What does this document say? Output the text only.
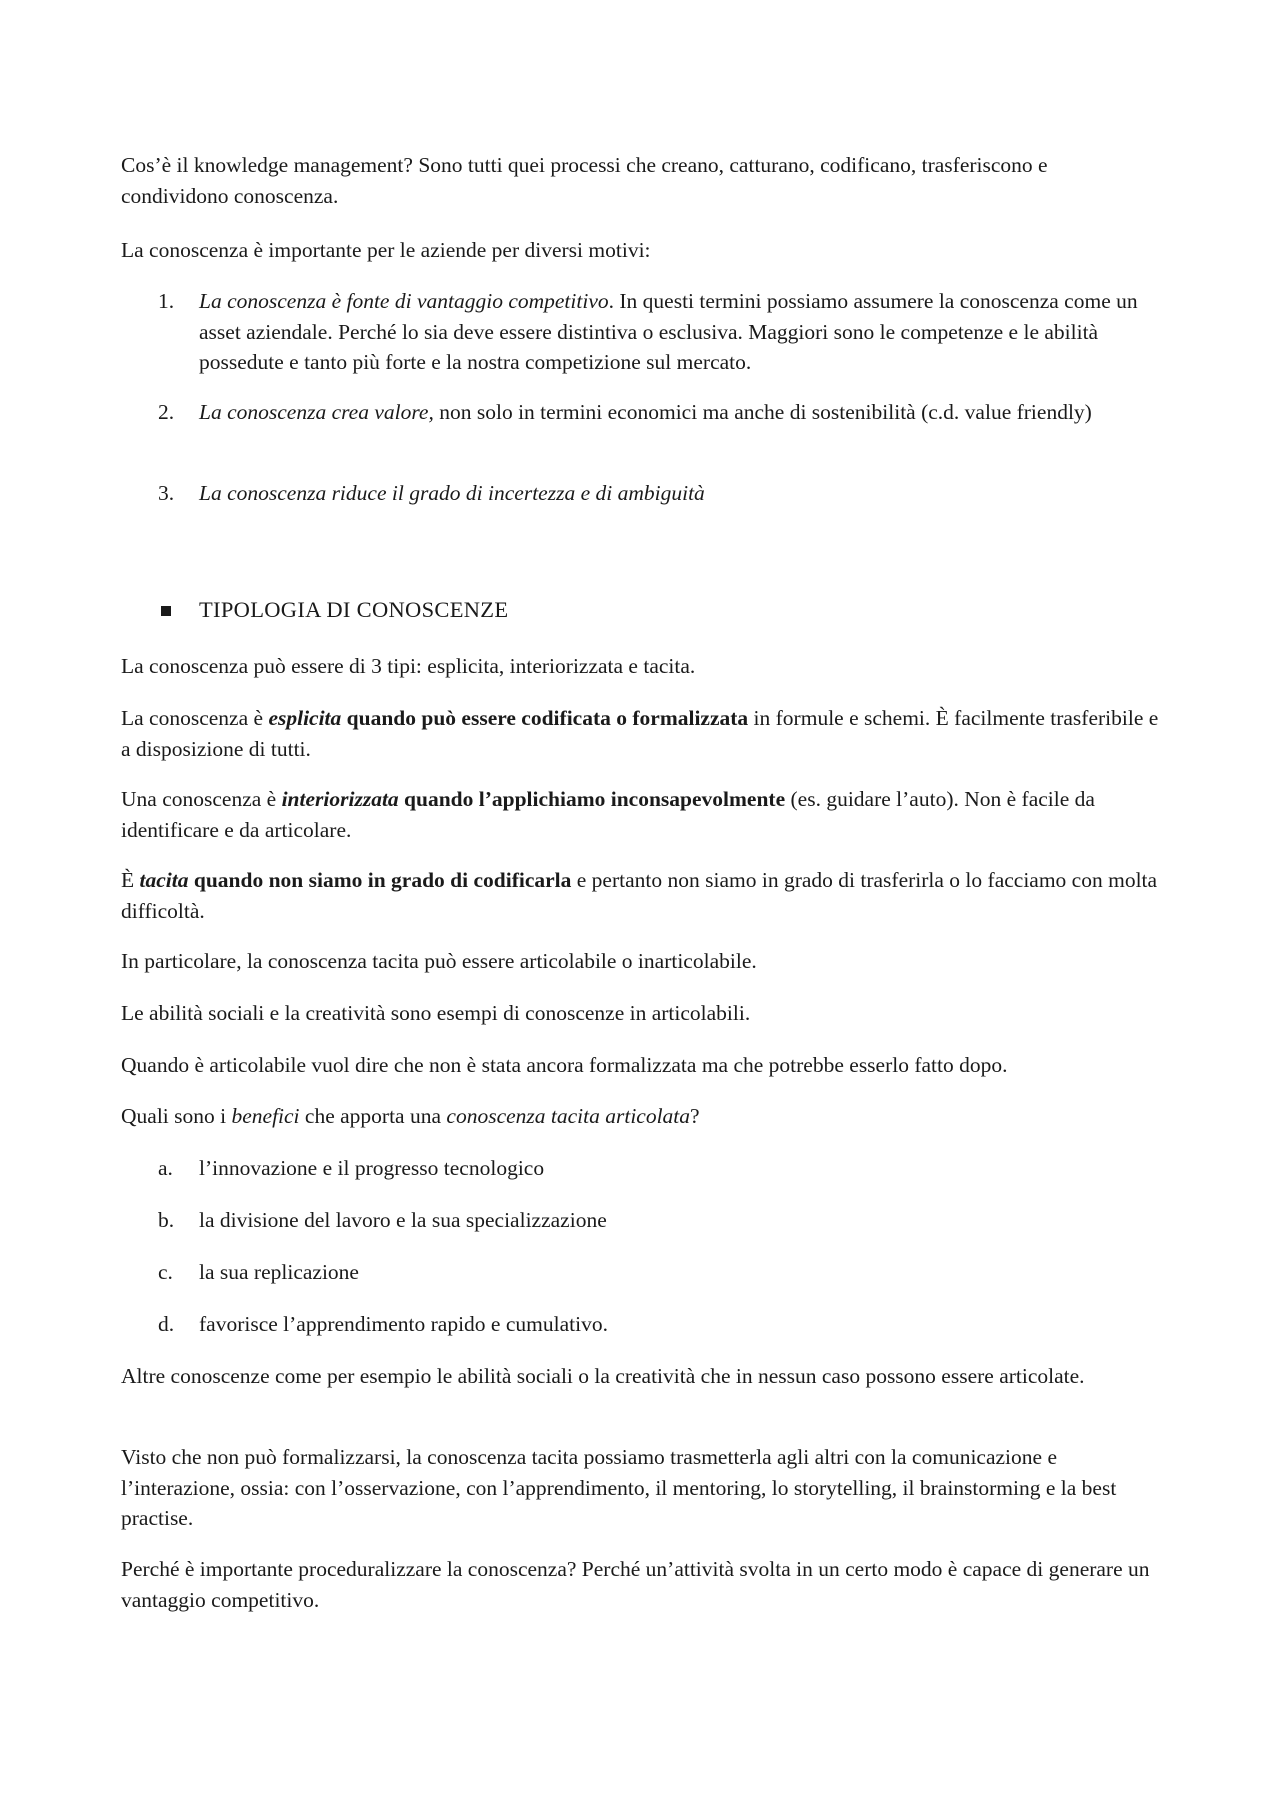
Cos’è il knowledge management? Sono tutti quei processi che creano, catturano, codificano, trasferiscono e
condividono conoscenza.

La conoscenza è importante per le aziende per diversi motivi:

1. La conoscenza è fonte di vantaggio competitivo. In questi termini possiamo assumere la conoscenza come un asset aziendale. Perché lo sia deve essere distintiva o esclusiva. Maggiori sono le competenze e le abilità possedute e tanto più forte e la nostra competizione sul mercato.

2. La conoscenza crea valore, non solo in termini economici ma anche di sostenibilità (c.d. value friendly)

3. La conoscenza riduce il grado di incertezza e di ambiguità

TIPOLOGIA DI CONOSCENZE

La conoscenza può essere di 3 tipi: esplicita, interiorizzata e tacita.

La conoscenza è esplicita quando può essere codificata o formalizzata in formule e schemi. È facilmente trasferibile e a disposizione di tutti.

Una conoscenza è interiorizzata quando l’applichiamo inconsapevolmente (es. guidare l’auto). Non è facile da identificare e da articolare.

È tacita quando non siamo in grado di codificarla e pertanto non siamo in grado di trasferirla o lo facciamo con molta difficoltà.

In particolare, la conoscenza tacita può essere articolabile o inarticolabile.

Le abilità sociali e la creatività sono esempi di conoscenze in articolabili.

Quando è articolabile vuol dire che non è stata ancora formalizzata ma che potrebbe esserlo fatto dopo.

Quali sono i benefici che apporta una conoscenza tacita articolata?

a. l’innovazione e il progresso tecnologico

b. la divisione del lavoro e la sua specializzazione

c. la sua replicazione

d. favorisce l’apprendimento rapido e cumulativo.

Altre conoscenze come per esempio le abilità sociali o la creatività che in nessun caso possono essere articolate.

Visto che non può formalizzarsi, la conoscenza tacita possiamo trasmetterla agli altri con la comunicazione e l’interazione, ossia: con l’osservazione, con l’apprendimento, il mentoring, lo storytelling, il brainstorming e la best practise.

Perché è importante proceduralizzare la conoscenza? Perché un’attività svolta in un certo modo è capace di generare un vantaggio competitivo.
